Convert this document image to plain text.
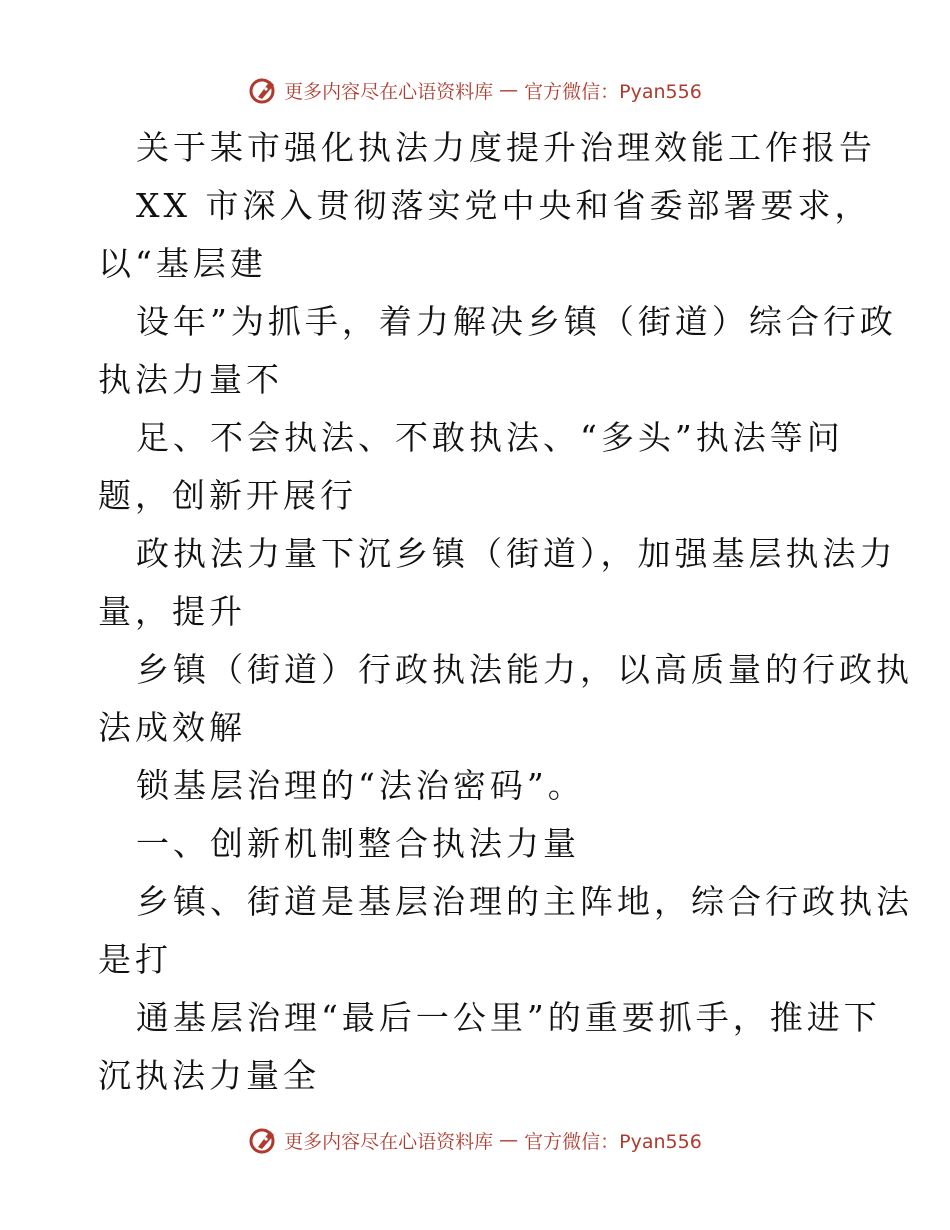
更多内容尽在心语资料库 — 官方微信：Pyan556
关于某市强化执法力度提升治理效能工作报告
XX 市深入贯彻落实党中央和省委部署要求，
以“基层建
设年”为抓手，着力解决乡镇（街道）综合行政
执法力量不
足、不会执法、不敢执法、“多头”执法等问
题，创新开展行
政执法力量下沉乡镇（街道），加强基层执法力
量，提升
乡镇（街道）行政执法能力，以高质量的行政执
法成效解
锁基层治理的“法治密码”。
一、创新机制整合执法力量
乡镇、街道是基层治理的主阵地，综合行政执法
是打
通基层治理“最后一公里”的重要抓手，推进下
沉执法力量全
更多内容尽在心语资料库 — 官方微信：Pyan556
